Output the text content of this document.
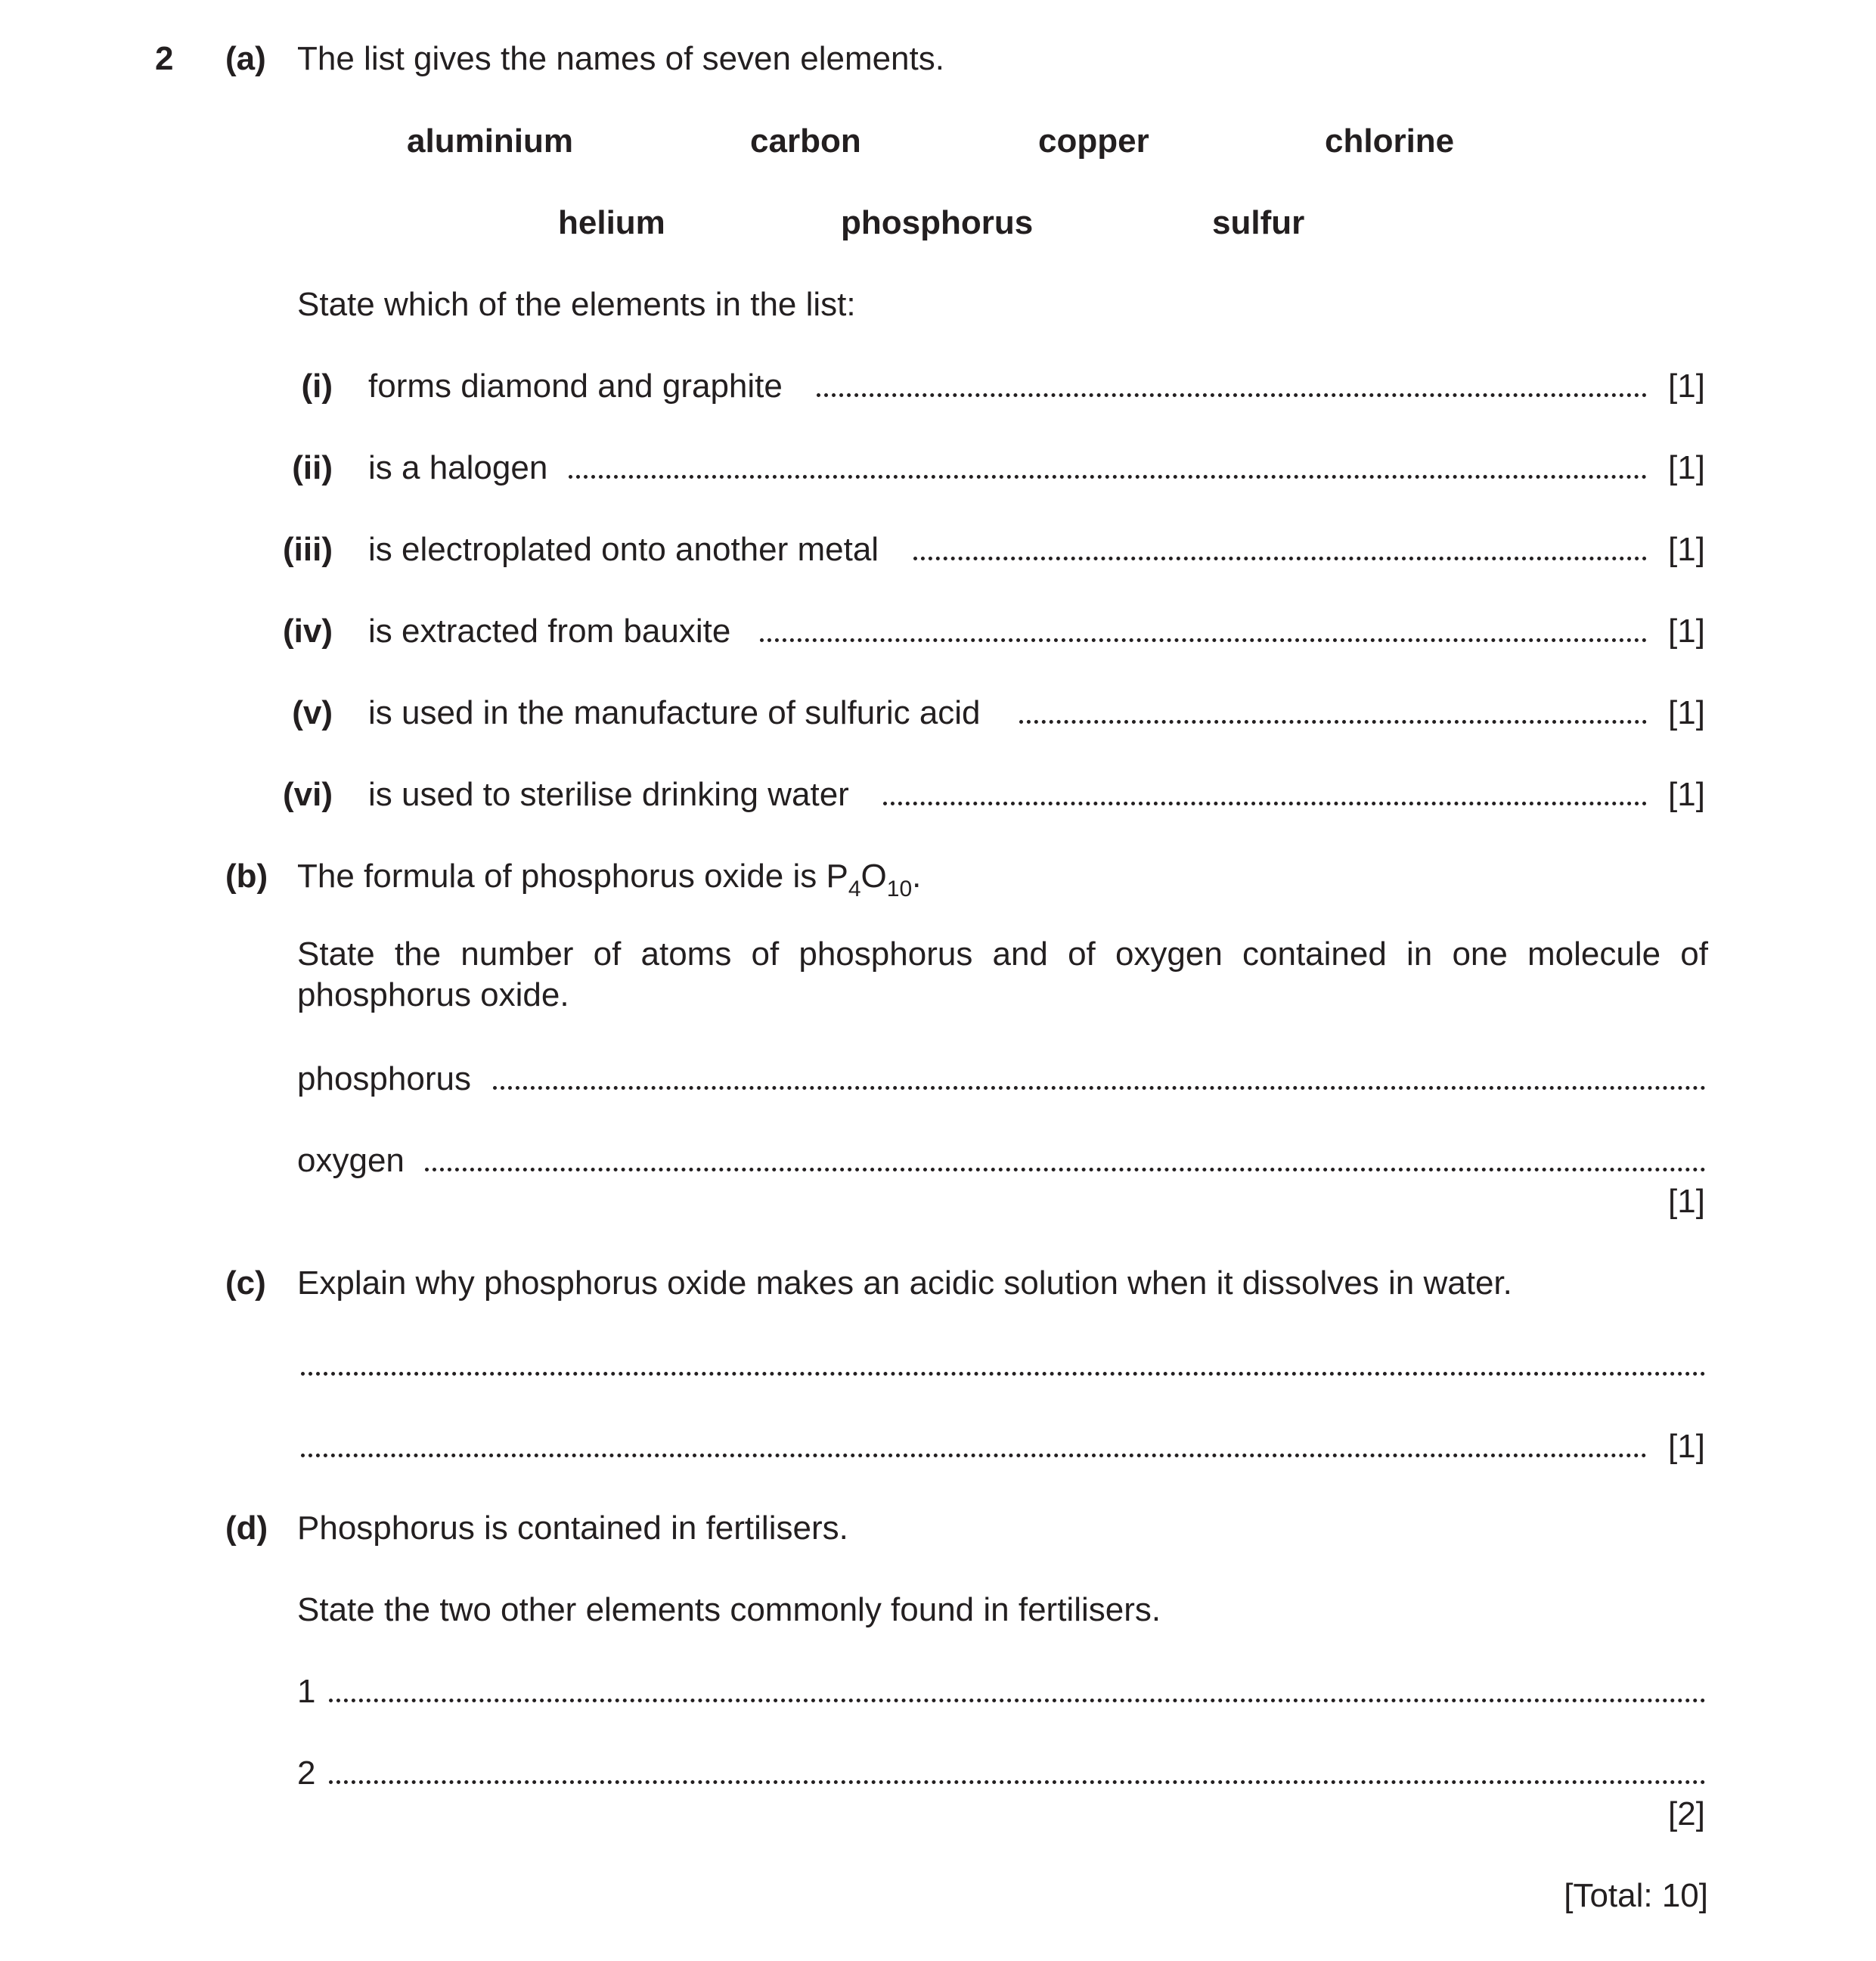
2 (a) The list gives the names of seven elements.
aluminium	carbon	copper	chlorine
helium	phosphorus	sulfur
State which of the elements in the list:
(i) forms diamond and graphite	[1]
(ii) is a halogen	[1]
(iii) is electroplated onto another metal	[1]
(iv) is extracted from bauxite	[1]
(v) is used in the manufacture of sulfuric acid	[1]
(vi) is used to sterilise drinking water	[1]
(b) The formula of phosphorus oxide is $P_4O_{10}$.
State the number of atoms of phosphorus and of oxygen contained in one molecule of phosphorus oxide.
phosphorus
oxygen
[1]
(c) Explain why phosphorus oxide makes an acidic solution when it dissolves in water.
[1]
(d) Phosphorus is contained in fertilisers.
State the two other elements commonly found in fertilisers.
1
2
[2]
[Total: 10]
